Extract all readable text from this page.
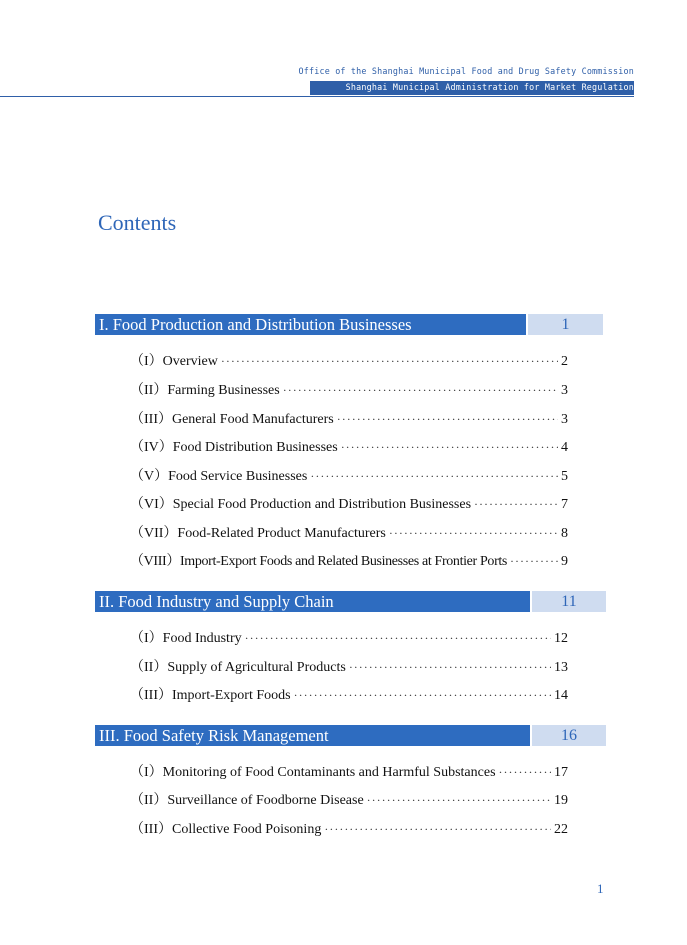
Office of the Shanghai Municipal Food and Drug Safety Commission
Shanghai Municipal Administration for Market Regulation
Contents
I. Food Production and Distribution Businesses	1
（I）Overview ·····	2
（II）Farming Businesses ·····	3
（III）General Food Manufacturers ·····	3
（IV）Food Distribution Businesses ·····	4
（V）Food Service Businesses ·····	5
（VI）Special Food Production and Distribution Businesses ·····	7
（VII）Food-Related Product Manufacturers ·····	8
（VIII）Import-Export Foods and Related Businesses at Frontier Ports ·····	9
II. Food Industry and Supply Chain	11
（I）Food Industry ·····	12
（II）Supply of Agricultural Products ·····	13
（III）Import-Export Foods ·····	14
III. Food Safety Risk Management	16
（I）Monitoring of Food Contaminants and Harmful Substances ·····	17
（II）Surveillance of Foodborne Disease ·····	19
（III）Collective Food Poisoning ·····	22
1
